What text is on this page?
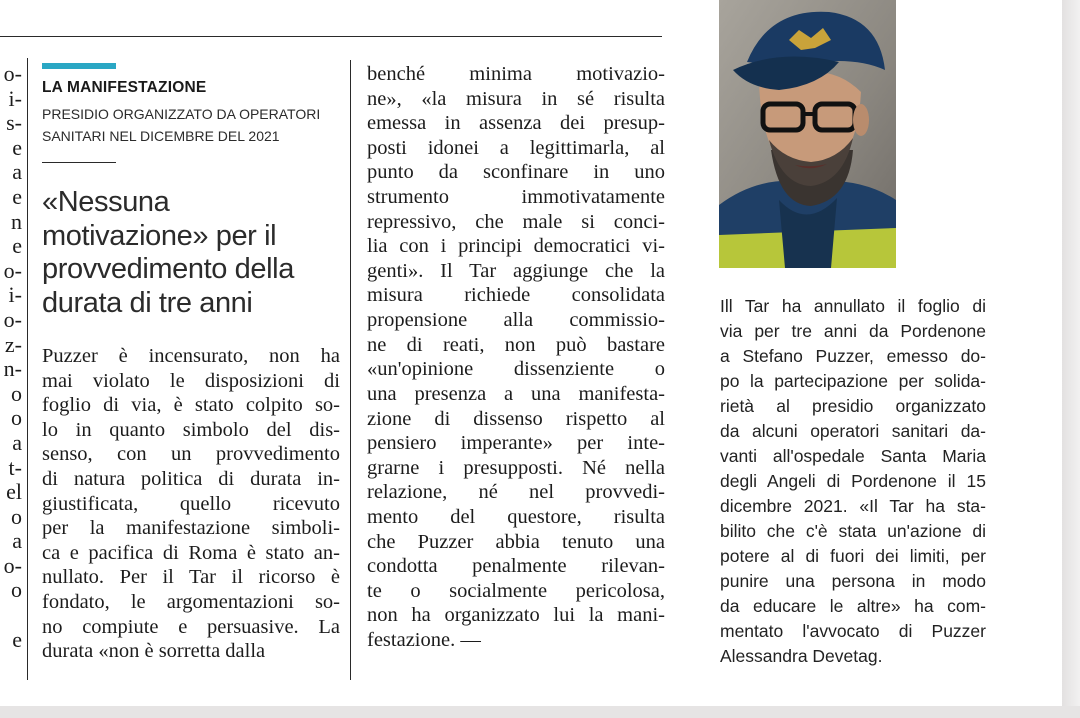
o-
i-
s-
e
a
e
n
e
o-
i-
o-
z-
n-
o
o
a
t-
el
o
a
o-
o
e
LA MANIFESTAZIONE
PRESIDIO ORGANIZZATO DA OPERATORI
SANITARI NEL DICEMBRE DEL 2021
«Nessuna
motivazione» per il
provvedimento della
durata di tre anni
Puzzer è incensurato, non ha
mai violato le disposizioni di
foglio di via, è stato colpito so-
lo in quanto simbolo del dis-
senso, con un provvedimento
di natura politica di durata in-
giustificata, quello ricevuto
per la manifestazione simboli-
ca e pacifica di Roma è stato an-
nullato. Per il Tar il ricorso è
fondato, le argomentazioni so-
no compiute e persuasive. La
durata «non è sorretta dalla
benché minima motivazio-
ne», «la misura in sé risulta
emessa in assenza dei presup-
posti idonei a legittimarla, al
punto da sconfinare in uno
strumento immotivatamente
repressivo, che male si conci-
lia con i principi democratici vi-
genti». Il Tar aggiunge che la
misura richiede consolidata
propensione alla commissio-
ne di reati, non può bastare
«un'opinione dissenziente o
una presenza a una manifesta-
zione di dissenso rispetto al
pensiero imperante» per inte-
grarne i presupposti. Né nella
relazione, né nel provvedi-
mento del questore, risulta
che Puzzer abbia tenuto una
condotta penalmente rilevan-
te o socialmente pericolosa,
non ha organizzato lui la mani-
festazione. —
Ill Tar ha annullato il foglio di
via per tre anni da Pordenone
a Stefano Puzzer, emesso do-
po la partecipazione per solida-
rietà al presidio organizzato
da alcuni operatori sanitari da-
vanti all'ospedale Santa Maria
degli Angeli di Pordenone il 15
dicembre 2021. «Il Tar ha sta-
bilito che c'è stata un'azione di
potere al di fuori dei limiti, per
punire una persona in modo
da educare le altre» ha com-
mentato l'avvocato di Puzzer
Alessandra Devetag.
